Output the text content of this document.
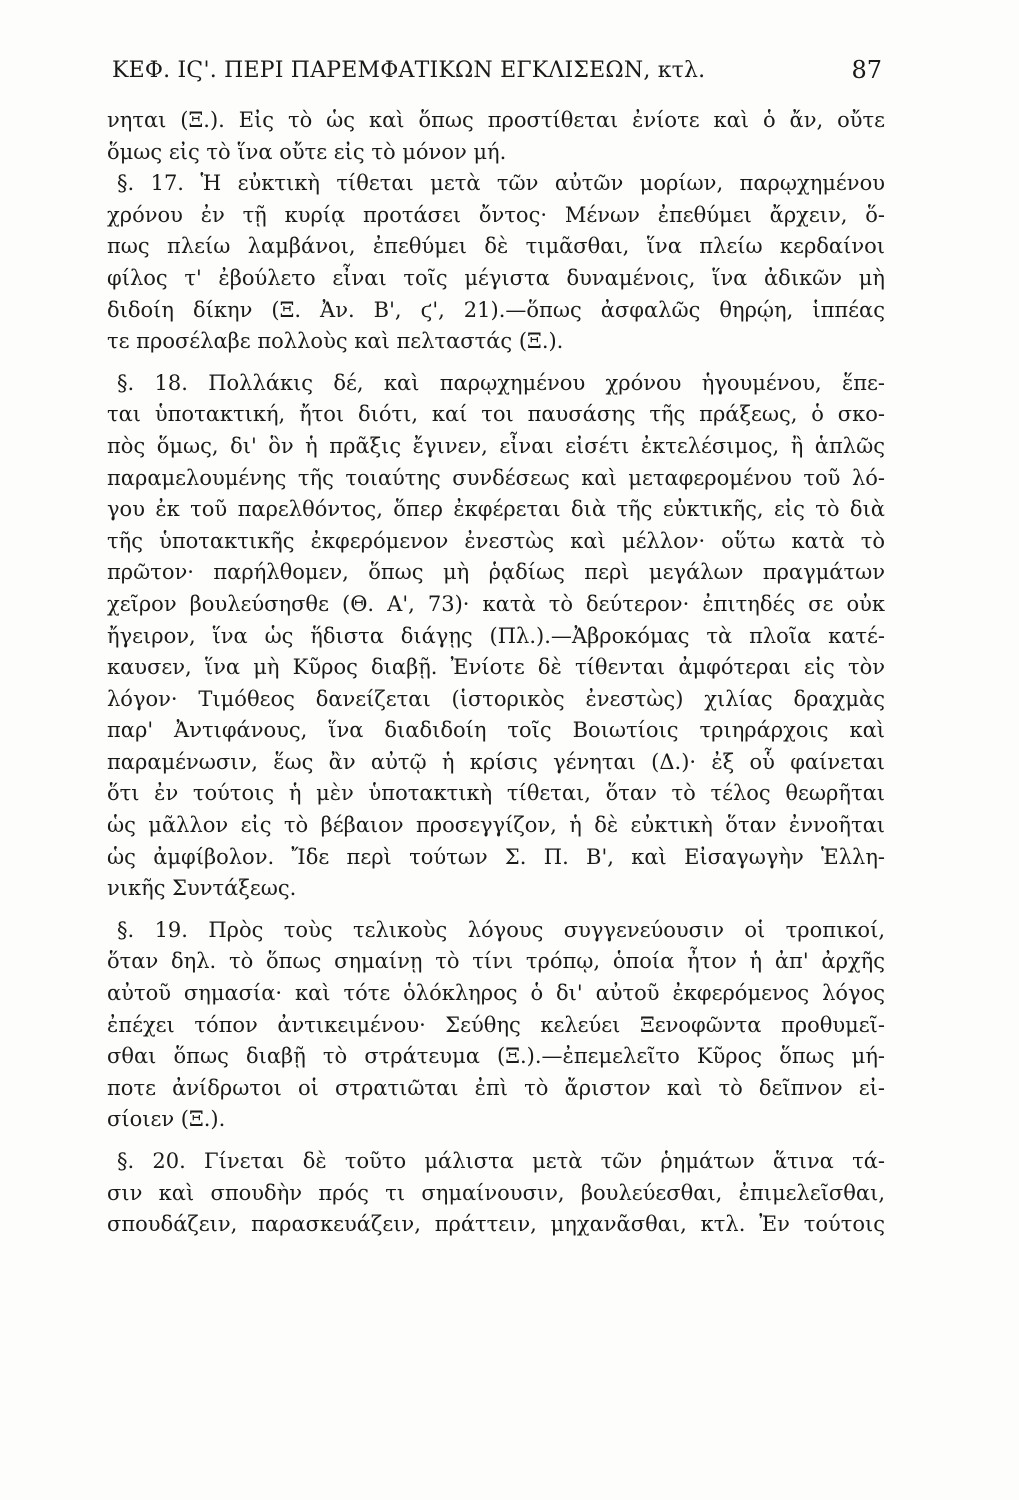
ΚΕΦ. ΙϚ'. ΠΕΡΙ ΠΑΡΕΜΦΑΤΙΚΩΝ ΕΓΚΛΙΣΕΩΝ, κτλ.	87
νηται (Ξ.). Εἰς τὸ ὡς καὶ ὅπως προστίθεται ἐνίοτε καὶ ὁ ἄν, οὔτε
ὅμως εἰς τὸ ἵνα οὔτε εἰς τὸ μόνον μή.
§. 17. Ἡ εὐκτικὴ τίθεται μετὰ τῶν αὐτῶν μορίων, παρῳχημένου
χρόνου ἐν τῇ κυρίᾳ προτάσει ὄντος· Μένων ἐπεθύμει ἄρχειν, ὅ-
πως πλείω λαμβάνοι, ἐπεθύμει δὲ τιμᾶσθαι, ἵνα πλείω κερδαίνοι
φίλος τ' ἐβούλετο εἶναι τοῖς μέγιστα δυναμένοις, ἵνα ἀδικῶν μὴ
διδοίη δίκην (Ξ. Ἀν. Β', ϛ', 21).—ὅπως ἀσφαλῶς θηρῴη, ἱππέας
τε προσέλαβε πολλοὺς καὶ πελταστάς (Ξ.).
§. 18. Πολλάκις δέ, καὶ παρῳχημένου χρόνου ἡγουμένου, ἕπε-
ται ὑποτακτική, ἤτοι διότι, καί τοι παυσάσης τῆς πράξεως, ὁ σκο-
πὸς ὅμως, δι' ὃν ἡ πρᾶξις ἔγινεν, εἶναι εἰσέτι ἐκτελέσιμος, ἢ ἁπλῶς
παραμελουμένης τῆς τοιαύτης συνδέσεως καὶ μεταφερομένου τοῦ λό-
γου ἐκ τοῦ παρελθόντος, ὅπερ ἐκφέρεται διὰ τῆς εὐκτικῆς, εἰς τὸ διὰ
τῆς ὑποτακτικῆς ἐκφερόμενον ἐνεστὼς καὶ μέλλον· οὕτω κατὰ τὸ
πρῶτον· παρήλθομεν, ὅπως μὴ ῥᾳδίως περὶ μεγάλων πραγμάτων
χεῖρον βουλεύσησθε (Θ. Α', 73)· κατὰ τὸ δεύτερον· ἐπιτηδές σε οὐκ
ἤγειρον, ἵνα ὡς ἥδιστα διάγῃς (Πλ.).—Ἀβροκόμας τὰ πλοῖα κατέ-
καυσεν, ἵνα μὴ Κῦρος διαβῇ. Ἐνίοτε δὲ τίθενται ἀμφότεραι εἰς τὸν
λόγον· Τιμόθεος δανείζεται (ἱστορικὸς ἐνεστὼς) χιλίας δραχμὰς
παρ' Ἀντιφάνους, ἵνα διαδιδοίη τοῖς Βοιωτίοις τριηράρχοις καὶ
παραμένωσιν, ἕως ἂν αὐτῷ ἡ κρίσις γένηται (Δ.)· ἐξ οὗ φαίνεται
ὅτι ἐν τούτοις ἡ μὲν ὑποτακτικὴ τίθεται, ὅταν τὸ τέλος θεωρῆται
ὡς μᾶλλον εἰς τὸ βέβαιον προσεγγίζον, ἡ δὲ εὐκτικὴ ὅταν ἐννοῆται
ὡς ἀμφίβολον. Ἴδε περὶ τούτων Σ. Π. Β', καὶ Εἰσαγωγὴν Ἑλλη-
νικῆς Συντάξεως.
§. 19. Πρὸς τοὺς τελικοὺς λόγους συγγενεύουσιν οἱ τροπικοί,
ὅταν δηλ. τὸ ὅπως σημαίνῃ τὸ τίνι τρόπῳ, ὁποία ἦτον ἡ ἀπ' ἀρχῆς
αὐτοῦ σημασία· καὶ τότε ὁλόκληρος ὁ δι' αὐτοῦ ἐκφερόμενος λόγος
ἐπέχει τόπον ἀντικειμένου· Σεύθης κελεύει Ξενοφῶντα προθυμεῖ-
σθαι ὅπως διαβῇ τὸ στράτευμα (Ξ.).—ἐπεμελεῖτο Κῦρος ὅπως μή-
ποτε ἀνίδρωτοι οἱ στρατιῶται ἐπὶ τὸ ἄριστον καὶ τὸ δεῖπνον εἰ-
σίοιεν (Ξ.).
§. 20. Γίνεται δὲ τοῦτο μάλιστα μετὰ τῶν ῥημάτων ἅτινα τά-
σιν καὶ σπουδὴν πρός τι σημαίνουσιν, βουλεύεσθαι, ἐπιμελεῖσθαι,
σπουδάζειν, παρασκευάζειν, πράττειν, μηχανᾶσθαι, κτλ. Ἐν τούτοις
